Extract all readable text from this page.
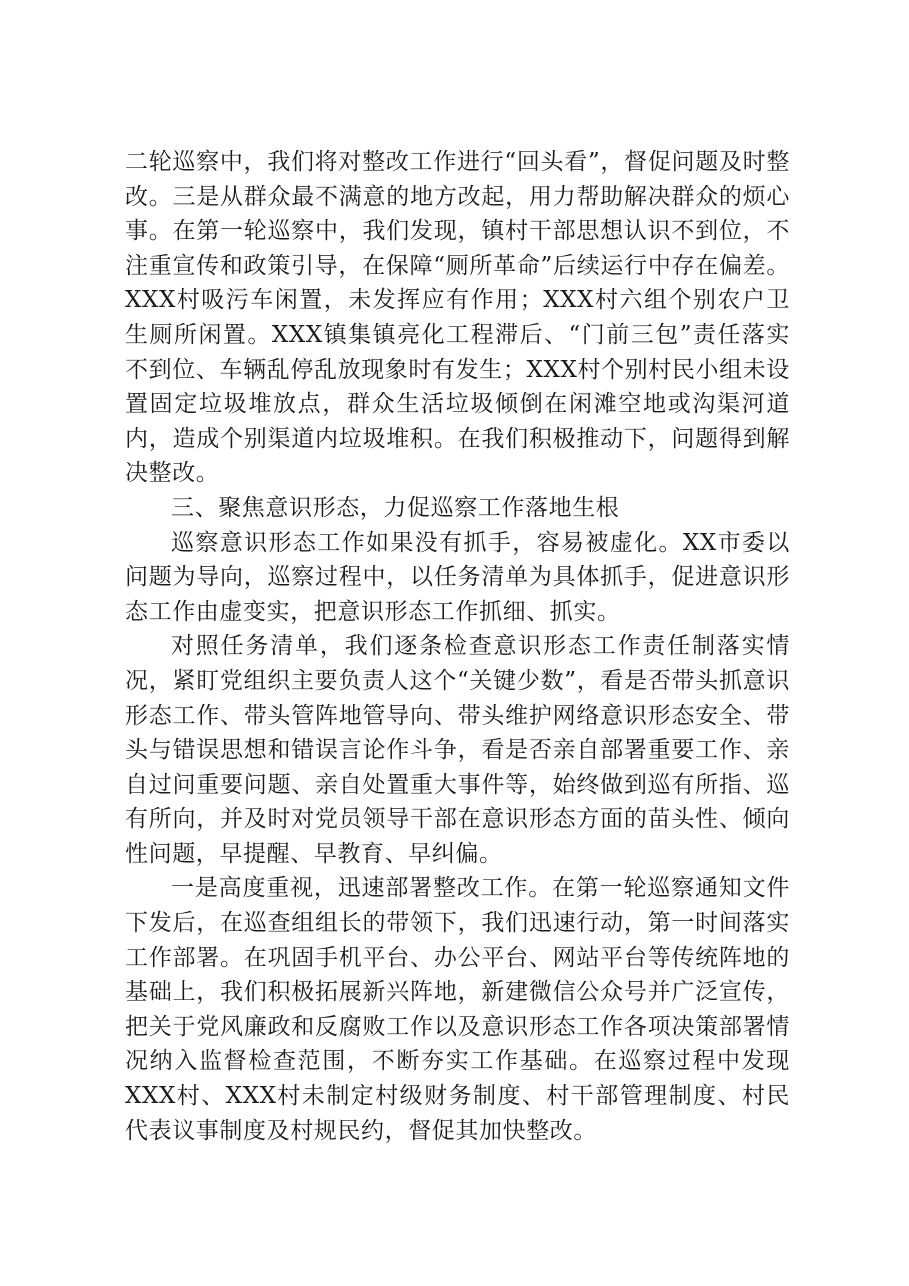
二轮巡察中，我们将对整改工作进行“回头看”，督促问题及时整改。三是从群众最不满意的地方改起，用力帮助解决群众的烦心事。在第一轮巡察中，我们发现，镇村干部思想认识不到位，不注重宣传和政策引导，在保障“厕所革命”后续运行中存在偏差。XXX村吸污车闲置，未发挥应有作用；XXX村六组个别农户卫生厕所闲置。XXX镇集镇亮化工程滞后、“门前三包”责任落实不到位、车辆乱停乱放现象时有发生；XXX村个别村民小组未设置固定垃圾堆放点，群众生活垃圾倾倒在闲滩空地或沟渠河道内，造成个别渠道内垃圾堆积。在我们积极推动下，问题得到解决整改。

三、聚焦意识形态，力促巡察工作落地生根

巡察意识形态工作如果没有抓手，容易被虚化。XX市委以问题为导向，巡察过程中，以任务清单为具体抓手，促进意识形态工作由虚变实，把意识形态工作抓细、抓实。

对照任务清单，我们逐条检查意识形态工作责任制落实情况，紧盯党组织主要负责人这个“关键少数”，看是否带头抓意识形态工作、带头管阵地管导向、带头维护网络意识形态安全、带头与错误思想和错误言论作斗争，看是否亲自部署重要工作、亲自过问重要问题、亲自处置重大事件等，始终做到巡有所指、巡有所向，并及时对党员领导干部在意识形态方面的苗头性、倾向性问题，早提醒、早教育、早纠偏。

一是高度重视，迅速部署整改工作。在第一轮巡察通知文件下发后，在巡查组组长的带领下，我们迅速行动，第一时间落实工作部署。在巩固手机平台、办公平台、网站平台等传统阵地的基础上，我们积极拓展新兴阵地，新建微信公众号并广泛宣传，把关于党风廉政和反腐败工作以及意识形态工作各项决策部署情况纳入监督检查范围，不断夯实工作基础。在巡察过程中发现XXX村、XXX村未制定村级财务制度、村干部管理制度、村民代表议事制度及村规民约，督促其加快整改。
